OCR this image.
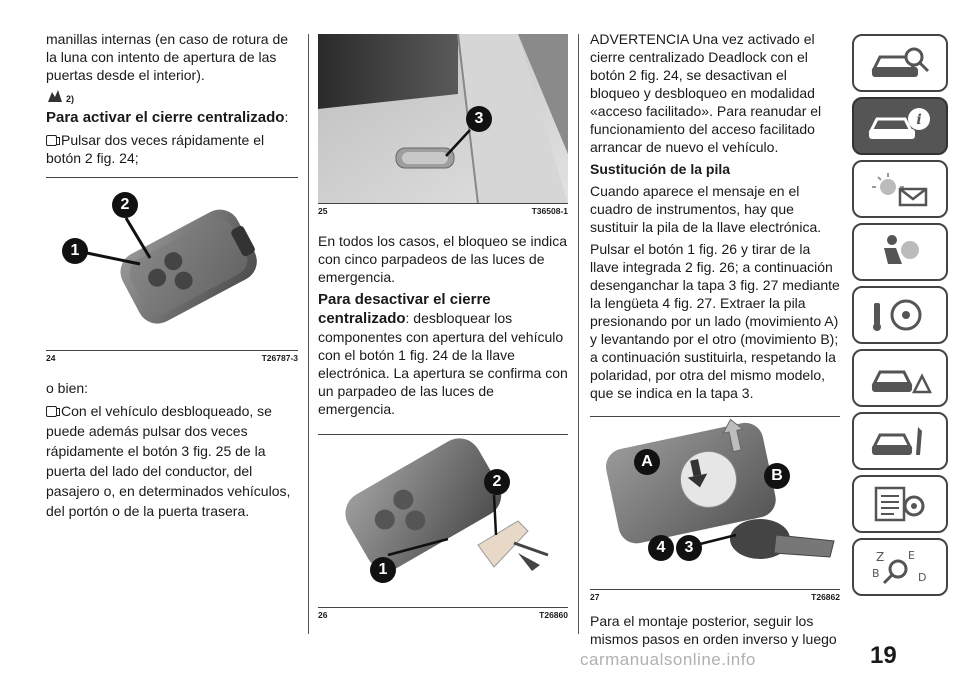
manillas internas (en caso de rotura de la luna con intento de apertura de las puertas desde el interior).

2)

Para activar el cierre centralizado:

Pulsar dos veces rápidamente el botón 2 fig. 24;

1
2
24	T26787-3

o bien:

Con el vehículo desbloqueado, se puede además pulsar dos veces rápidamente el botón 3 fig. 25 de la puerta del lado del conductor, del pasajero o, en determinados vehículos, del portón o de la puerta trasera.

3
25	T36508-1

En todos los casos, el bloqueo se indica con cinco parpadeos de las luces de emergencia.

Para desactivar el cierre centralizado: desbloquear los componentes con apertura del vehículo con el botón 1 fig. 24 de la llave electrónica. La apertura se confirma con un parpadeo de las luces de emergencia.

1
2
26	T26860

ADVERTENCIA Una vez activado el cierre centralizado Deadlock con el botón 2 fig. 24, se desactivan el bloqueo y desbloqueo en modalidad «acceso facilitado». Para reanudar el funcionamiento del acceso facilitado arrancar de nuevo el vehículo.

Sustitución de la pila

Cuando aparece el mensaje en el cuadro de instrumentos, hay que sustituir la pila de la llave electrónica.

Pulsar el botón 1 fig. 26 y tirar de la llave integrada 2 fig. 26; a continuación desenganchar la tapa 3 fig. 27 mediante la lengüeta 4 fig. 27. Extraer la pila presionando por un lado (movimiento A) y levantando por el otro (movimiento B); a continuación sustituirla, respetando la polaridad, por otra del mismo modelo, que se indica en la tapa 3.

A
B
4	3
27	T26862

Para el montaje posterior, seguir los mismos pasos en orden inverso y luego

i
Z E
B	D
19
carmanualsonline.info
